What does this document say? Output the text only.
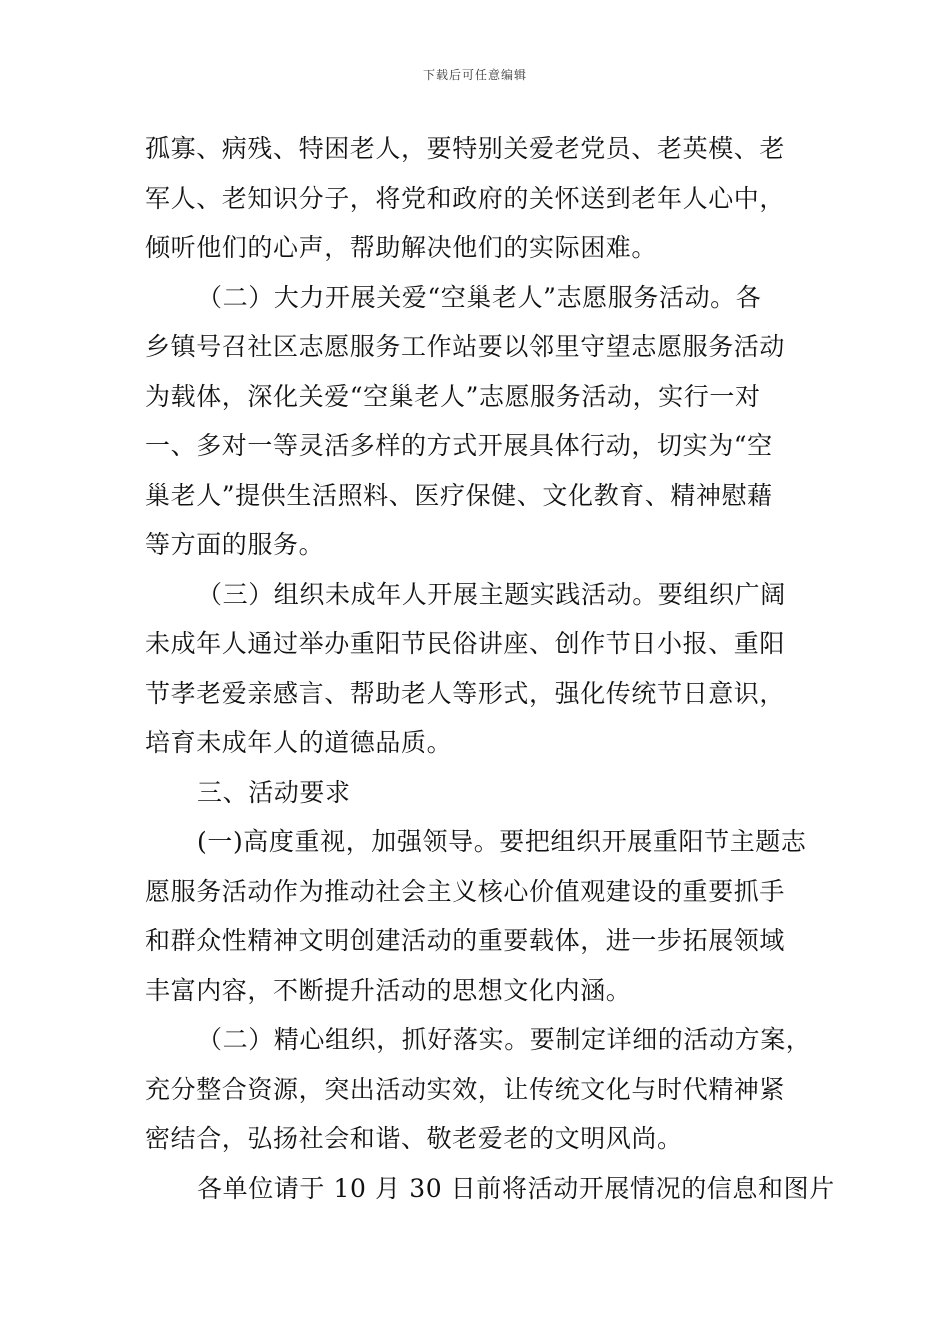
下载后可任意编辑
孤寡、病残、特困老人，要特别关爱老党员、老英模、老
军人、老知识分子，将党和政府的关怀送到老年人心中，
倾听他们的心声，帮助解决他们的实际困难。
（二）大力开展关爱“空巢老人”志愿服务活动。各
乡镇号召社区志愿服务工作站要以邻里守望志愿服务活动
为载体，深化关爱“空巢老人”志愿服务活动，实行一对
一、多对一等灵活多样的方式开展具体行动，切实为“空
巢老人”提供生活照料、医疗保健、文化教育、精神慰藉
等方面的服务。
（三）组织未成年人开展主题实践活动。要组织广阔
未成年人通过举办重阳节民俗讲座、创作节日小报、重阳
节孝老爱亲感言、帮助老人等形式，强化传统节日意识，
培育未成年人的道德品质。
三、活动要求
(一)高度重视，加强领导。要把组织开展重阳节主题志
愿服务活动作为推动社会主义核心价值观建设的重要抓手
和群众性精神文明创建活动的重要载体，进一步拓展领域
丰富内容，不断提升活动的思想文化内涵。
（二）精心组织，抓好落实。要制定详细的活动方案，
充分整合资源，突出活动实效，让传统文化与时代精神紧
密结合，弘扬社会和谐、敬老爱老的文明风尚。
各单位请于 10 月 30 日前将活动开展情况的信息和图片
